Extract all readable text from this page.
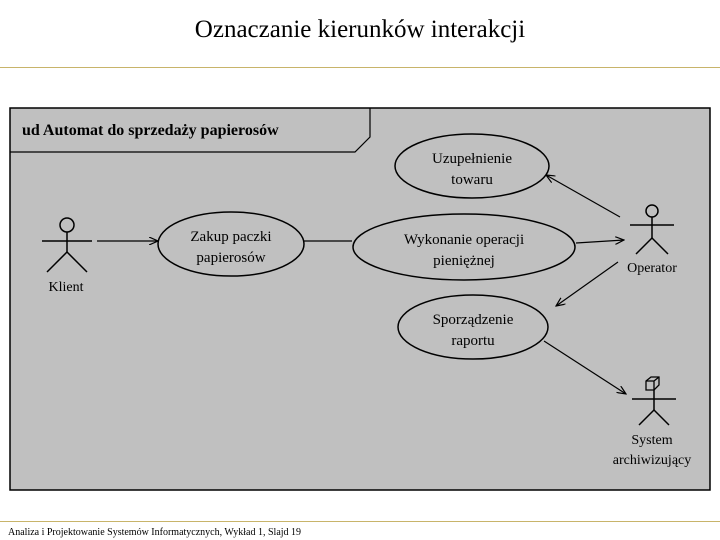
Oznaczanie kierunków interakcji
ud Automat do sprzedaży papierosów
Uzupełnienie
towaru
Zakup paczki
papierosów
Wykonanie operacji
pieniężnej
Sporządzenie
raportu
Klient
Operator
System
archiwizujący
Analiza i Projektowanie Systemów Informatycznych, Wykład 1, Slajd 19
